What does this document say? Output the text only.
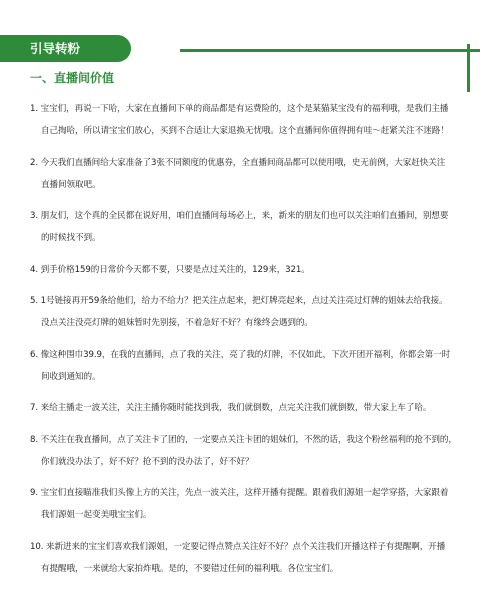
引导转粉
一、直播间价值
1. 宝宝们，再说一下哈，大家在直播间下单的商品都是有运费险的，这个是某猫某宝没有的福利哦，是我们主播
自己掏哈，所以请宝宝们放心，买到不合适让大家退换无忧哦。这个直播间你值得拥有哇～赶紧关注不迷路！
2. 今天我们直播间给大家准备了3张不同额度的优惠券，全直播间商品都可以使用哦，史无前例，大家赶快关注
直播间领取吧。
3. 朋友们，这个真的全民都在说好用，咱们直播间每场必上，来，新来的朋友们也可以关注咱们直播间，别想要
的时候找不到。
4. 到手价格159的日常价今天都不要，只要是点过关注的，129来，321。
5. 1号链接再开59条给他们，给力不给力？把关注点起来，把灯牌亮起来，点过关注亮过灯牌的姐妹去给我接。
没点关注没亮灯牌的姐妹暂时先别接，不着急好不好？有缘终会遇到的。
6. 像这种围巾39.9，在我的直播间，点了我的关注，亮了我的灯牌，不仅如此，下次开团开福利，你都会第一时
间收到通知的。
7. 来给主播走一波关注，关注主播你随时能找到我，我们就倒数，点完关注我们就倒数，带大家上车了哈。
8. 不关注在我直播间，点了关注卡了团的，一定要点关注卡团的姐妹们，不然的话，我这个粉丝福利的抢不到的，
你们就没办法了，好不好？抢不到的没办法了，好不好？
9. 宝宝们直接瞄准我们头像上方的关注，先点一波关注，这样开播有提醒。跟着我们源姐一起学穿搭，大家跟着
我们源姐一起变美哦宝宝们。
10. 来新进来的宝宝们喜欢我们源姐，一定要记得点赞点关注好不好？点个关注我们开播这样子有提醒啊，开播
有提醒哦，一来就给大家拍炸哦。是的，不要错过任何的福利哦。各位宝宝们。
